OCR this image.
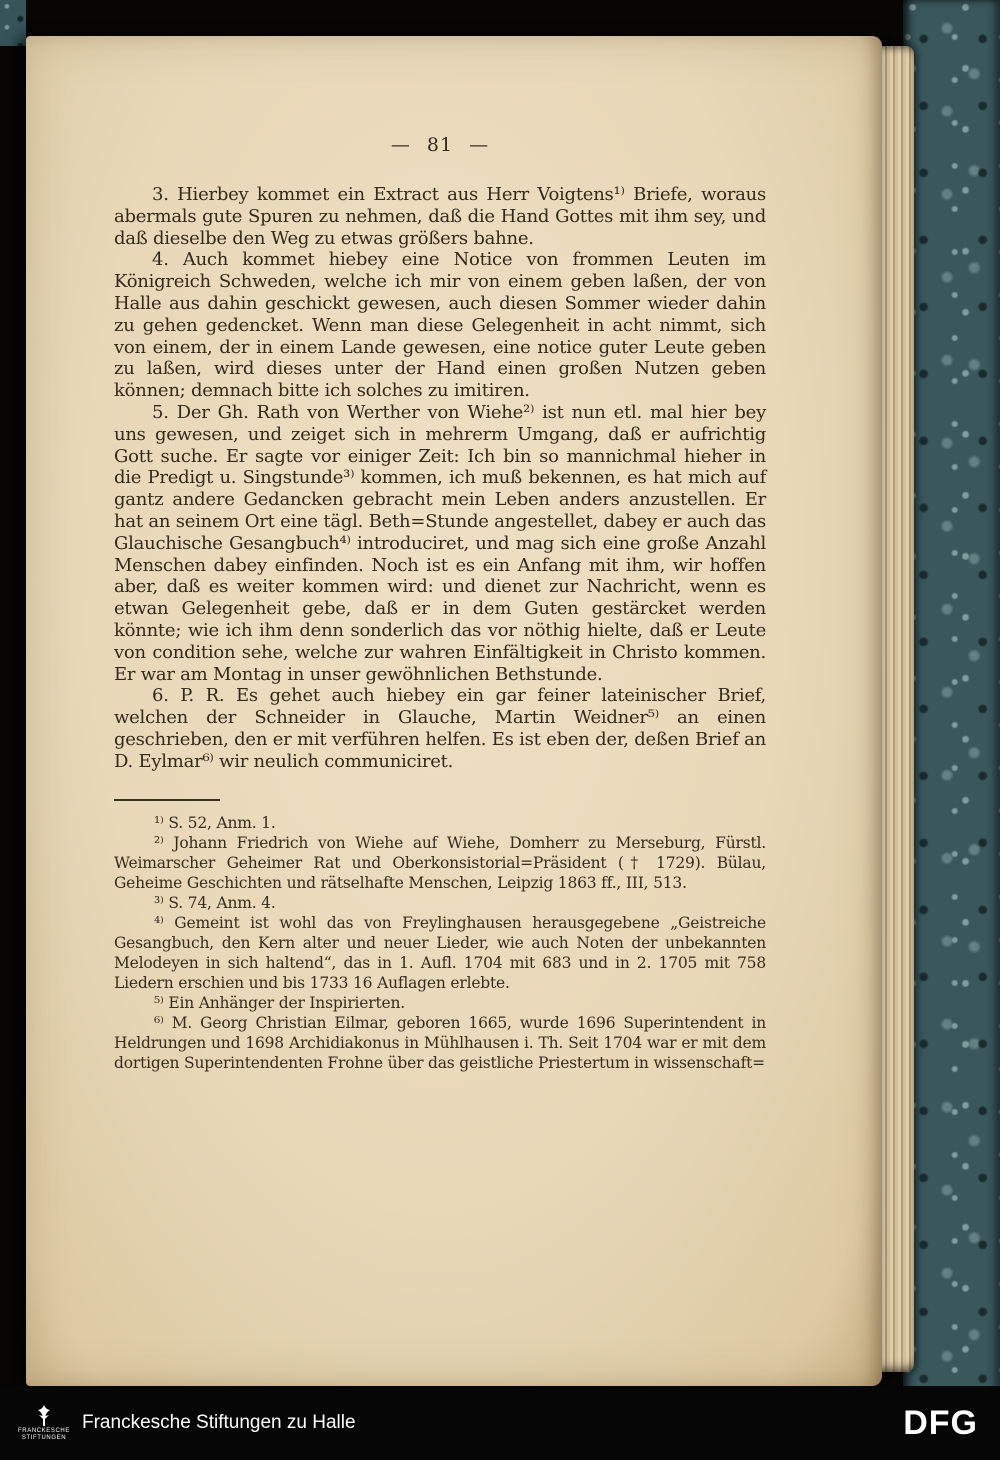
— 81 —

3. Hierbey kommet ein Extract aus Herr Voigtens¹⁾ Briefe, woraus abermals gute Spuren zu nehmen, daß die Hand Gottes mit ihm sey, und daß dieselbe den Weg zu etwas größers bahne.

4. Auch kommet hiebey eine Notice von frommen Leuten im Königreich Schweden, welche ich mir von einem geben laßen, der von Halle aus dahin geschickt gewesen, auch diesen Sommer wieder dahin zu gehen gedencket. Wenn man diese Gelegenheit in acht nimmt, sich von einem, der in einem Lande gewesen, eine notice guter Leute geben zu laßen, wird dieses unter der Hand einen großen Nutzen geben können; demnach bitte ich solches zu imitiren.

5. Der Gh. Rath von Werther von Wiehe²⁾ ist nun etl. mal hier bey uns gewesen, und zeiget sich in mehrerm Umgang, daß er aufrichtig Gott suche. Er sagte vor einiger Zeit: Ich bin so mannichmal hieher in die Predigt u. Singstunde³⁾ kommen, ich muß bekennen, es hat mich auf gantz andere Gedancken gebracht mein Leben anders anzustellen. Er hat an seinem Ort eine tägl. Beth=Stunde angestellet, dabey er auch das Glauchische Gesangbuch⁴⁾ introduciret, und mag sich eine große Anzahl Menschen dabey einfinden. Noch ist es ein Anfang mit ihm, wir hoffen aber, daß es weiter kommen wird: und dienet zur Nachricht, wenn es etwan Gelegenheit gebe, daß er in dem Guten gestärcket werden könnte; wie ich ihm denn sonderlich das vor nöthig hielte, daß er Leute von condition sehe, welche zur wahren Einfältigkeit in Christo kommen. Er war am Montag in unser gewöhnlichen Bethstunde.

6. P. R. Es gehet auch hiebey ein gar feiner lateinischer Brief, welchen der Schneider in Glauche, Martin Weidner⁵⁾ an einen geschrieben, den er mit verführen helfen. Es ist eben der, deßen Brief an D. Eylmar⁶⁾ wir neulich communiciret.

¹⁾ S. 52, Anm. 1.

²⁾ Johann Friedrich von Wiehe auf Wiehe, Domherr zu Merseburg, Fürstl. Weimarscher Geheimer Rat und Oberkonsistorial=Präsident († 1729). Bülau, Geheime Geschichten und rätselhafte Menschen, Leipzig 1863 ff., III, 513.

³⁾ S. 74, Anm. 4.

⁴⁾ Gemeint ist wohl das von Freylinghausen herausgegebene „Geistreiche Gesangbuch, den Kern alter und neuer Lieder, wie auch Noten der unbekannten Melodeyen in sich haltend“, das in 1. Aufl. 1704 mit 683 und in 2. 1705 mit 758 Liedern erschien und bis 1733 16 Auflagen erlebte.

⁵⁾ Ein Anhänger der Inspirierten.

⁶⁾ M. Georg Christian Eilmar, geboren 1665, wurde 1696 Superintendent in Heldrungen und 1698 Archidiakonus in Mühlhausen i. Th. Seit 1704 war er mit dem dortigen Superintendenten Frohne über das geistliche Priestertum in wissenschaft=

FRANCKESCHE
STIFTUNGEN
Franckesche Stiftungen zu Halle	DFG
